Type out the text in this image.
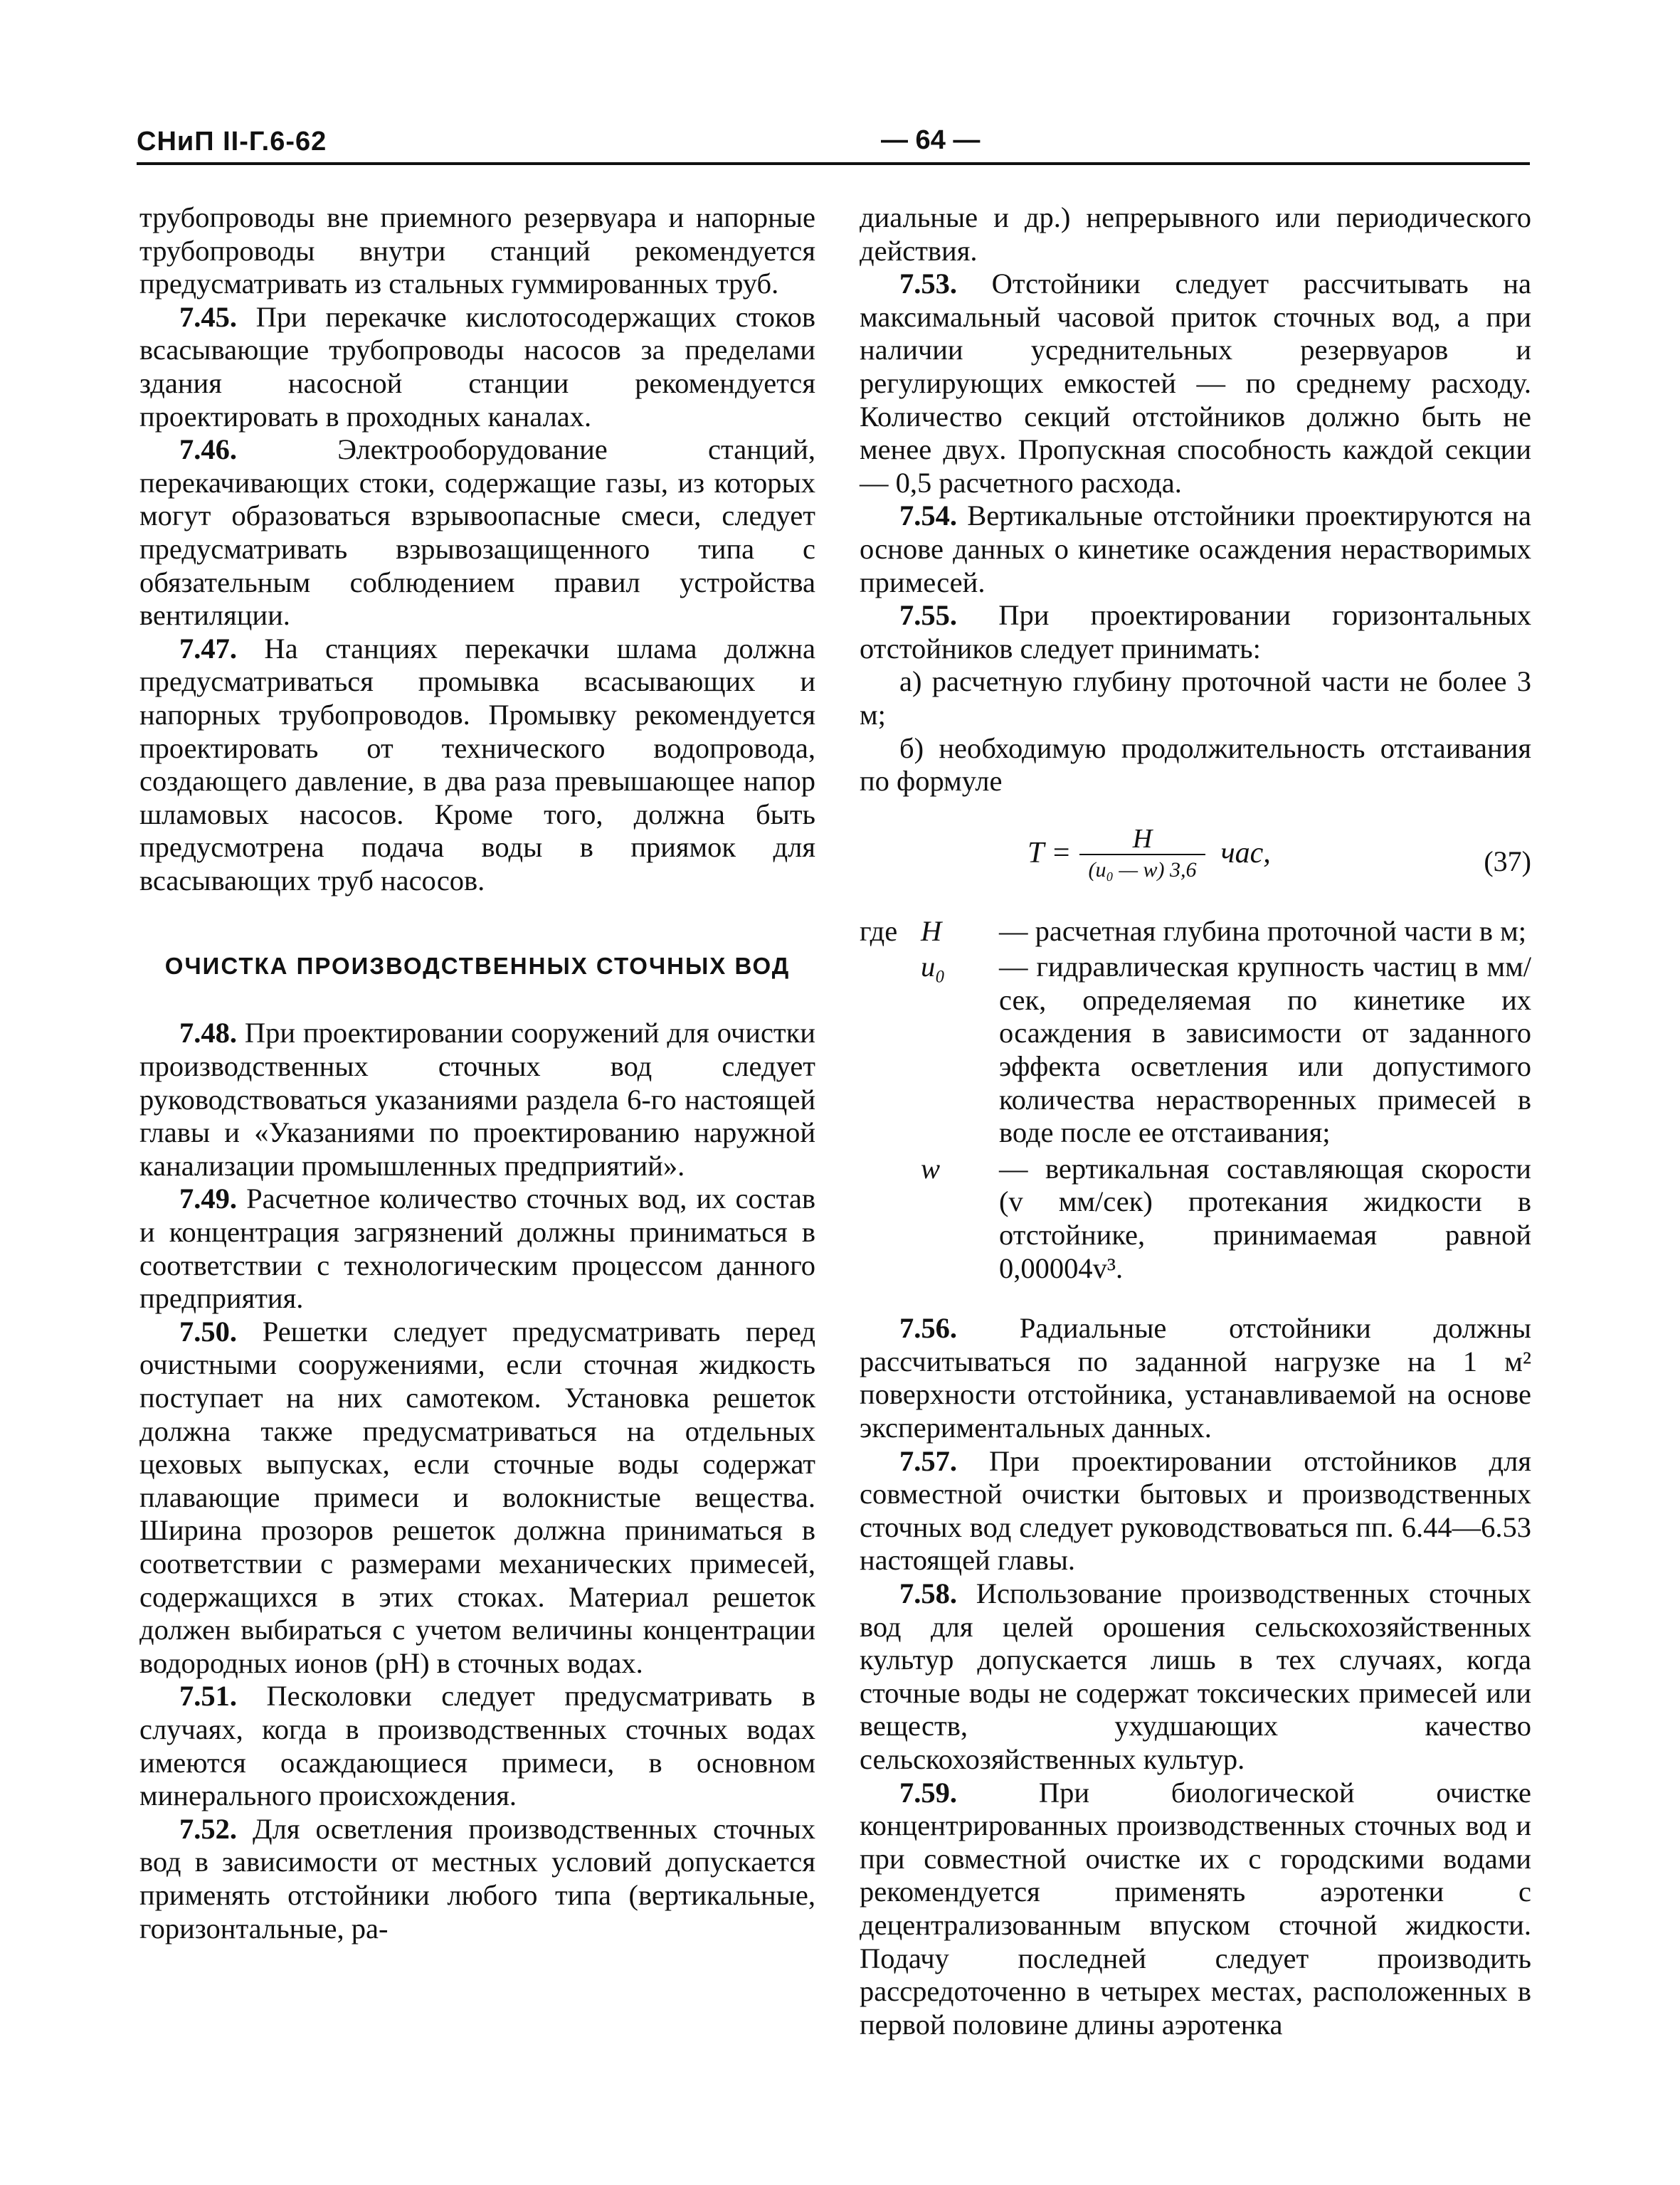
СНиП II-Г.6-62	— 64 —

трубопроводы вне приемного резервуара и напорные трубопроводы внутри станций рекомендуется предусматривать из стальных гуммированных труб.

7.45. При перекачке кислотосодержащих стоков всасывающие трубопроводы насосов за пределами здания насосной станции рекомендуется проектировать в проходных каналах.

7.46. Электрооборудование станций, перекачивающих стоки, содержащие газы, из которых могут образоваться взрывоопасные смеси, следует предусматривать взрывозащищенного типа с обязательным соблюдением правил устройства вентиляции.

7.47. На станциях перекачки шлама должна предусматриваться промывка всасывающих и напорных трубопроводов. Промывку рекомендуется проектировать от технического водопровода, создающего давление, в два раза превышающее напор шламовых насосов. Кроме того, должна быть предусмотрена подача воды в приямок для всасывающих труб насосов.

ОЧИСТКА ПРОИЗВОДСТВЕННЫХ СТОЧНЫХ ВОД

7.48. При проектировании сооружений для очистки производственных сточных вод следует руководствоваться указаниями раздела 6-го настоящей главы и «Указаниями по проектированию наружной канализации промышленных предприятий».

7.49. Расчетное количество сточных вод, их состав и концентрация загрязнений должны приниматься в соответствии с технологическим процессом данного предприятия.

7.50. Решетки следует предусматривать перед очистными сооружениями, если сточная жидкость поступает на них самотеком. Установка решеток должна также предусматриваться на отдельных цеховых выпусках, если сточные воды содержат плавающие примеси и волокнистые вещества. Ширина прозоров решеток должна приниматься в соответствии с размерами механических примесей, содержащихся в этих стоках. Материал решеток должен выбираться с учетом величины концентрации водородных ионов (pH) в сточных водах.

7.51. Песколовки следует предусматривать в случаях, когда в производственных сточных водах имеются осаждающиеся примеси, в основном минерального происхождения.

7.52. Для осветления производственных сточных вод в зависимости от местных условий допускается применять отстойники любого типа (вертикальные, горизонтальные, ра-

диальные и др.) непрерывного или периодического действия.

7.53. Отстойники следует рассчитывать на максимальный часовой приток сточных вод, а при наличии усреднительных резервуаров и регулирующих емкостей — по среднему расходу. Количество секций отстойников должно быть не менее двух. Пропускная способность каждой секции — 0,5 расчетного расхода.

7.54. Вертикальные отстойники проектируются на основе данных о кинетике осаждения нерастворимых примесей.

7.55. При проектировании горизонтальных отстойников следует принимать:

а) расчетную глубину проточной части не более 3 м;

б) необходимую продолжительность отстаивания по формуле

$T = \frac{H}{\text{(u₀ — w) 3,6}}$ час,	(37)
где H — расчетная глубина проточной части в м;
u₀ — гидравлическая крупность частиц в мм/сек, определяемая по кинетике их осаждения в зависимости от заданного эффекта осветления или допустимого количества нерастворенных примесей в воде после ее отстаивания;
w — вертикальная составляющая скорости (v мм/сек) протекания жидкости в отстойнике, принимаемая равной 0,00004v³.

7.56. Радиальные отстойники должны рассчитываться по заданной нагрузке на 1 м² поверхности отстойника, устанавливаемой на основе экспериментальных данных.

7.57. При проектировании отстойников для совместной очистки бытовых и производственных сточных вод следует руководствоваться пп. 6.44—6.53 настоящей главы.

7.58. Использование производственных сточных вод для целей орошения сельскохозяйственных культур допускается лишь в тех случаях, когда сточные воды не содержат токсических примесей или веществ, ухудшающих качество сельскохозяйственных культур.

7.59. При биологической очистке концентрированных производственных сточных вод и при совместной очистке их с городскими водами рекомендуется применять аэротенки с децентрализованным впуском сточной жидкости. Подачу последней следует производить рассредоточенно в четырех местах, расположенных в первой половине длины аэротенка
